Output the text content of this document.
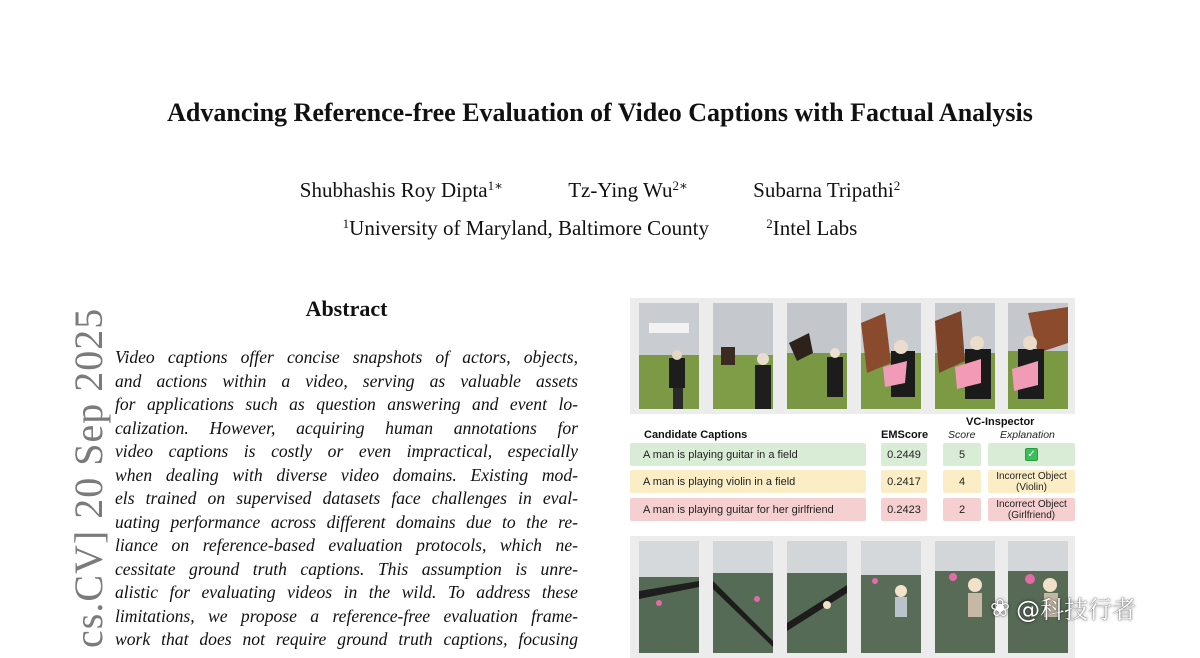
cs.CV] 20 Sep 2025
Advancing Reference-free Evaluation of Video Captions with Factual Analysis
Shubhashis Roy Dipta$^{1∗}$	Tz-Ying $Wu^{2∗}$	Subarna Tripathi$^2$
$^1$University of Maryland, Baltimore County	$^2$Intel Labs
Abstract
Video captions offer concise snapshots of actors, objects,
and actions within a video, serving as valuable assets
for applications such as question answering and event lo-
calization. However, acquiring human annotations for
video captions is costly or even impractical, especially
when dealing with diverse video domains. Existing mod-
els trained on supervised datasets face challenges in eval-
uating performance across different domains due to the re-
liance on reference-based evaluation protocols, which ne-
cessitate ground truth captions. This assumption is unre-
alistic for evaluating videos in the wild. To address these
limitations, we propose a reference-free evaluation frame-
work that does not require ground truth captions, focusing
Candidate Captions	EMScore
VC-Inspector
Score Explanation
A man is playing guitar in a field	0.2449	5	✓
A man is playing violin in a field	0.2417	4	Incorrect Object (Violin)
A man is playing guitar for her girlfriend	0.2423	2	Incorrect Object (Girlfriend)
❀ @科技行者
